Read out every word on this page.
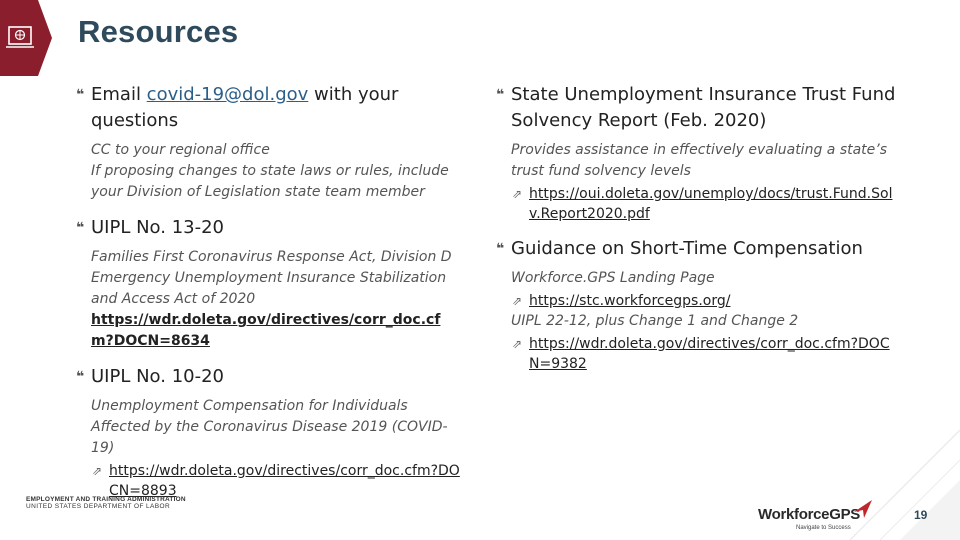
Resources
❝ Email covid-19@dol.gov with your questions
CC to your regional office
If proposing changes to state laws or rules, include your Division of Legislation state team member
❝ UIPL No. 13-20
Families First Coronavirus Response Act, Division D Emergency Unemployment Insurance Stabilization and Access Act of 2020
https://wdr.doleta.gov/directives/corr_doc.cfm?DOCN=8634
❝ UIPL No. 10-20
Unemployment Compensation for Individuals Affected by the Coronavirus Disease 2019 (COVID-19)
⇗ https://wdr.doleta.gov/directives/corr_doc.cfm?DOCN=8893
❝ State Unemployment Insurance Trust Fund Solvency Report (Feb. 2020)
Provides assistance in effectively evaluating a state’s trust fund solvency levels
⇗ https://oui.doleta.gov/unemploy/docs/trust.Fund.Solv.Report2020.pdf
❝ Guidance on Short-Time Compensation
Workforce.GPS Landing Page
⇗ https://stc.workforcegps.org/
UIPL 22-12, plus Change 1 and Change 2
⇗ https://wdr.doleta.gov/directives/corr_doc.cfm?DOCN=9382
EMPLOYMENT AND TRAINING ADMINISTRATION
UNITED STATES DEPARTMENT OF LABOR	WorkforceGPS
Navigate to Success
19
